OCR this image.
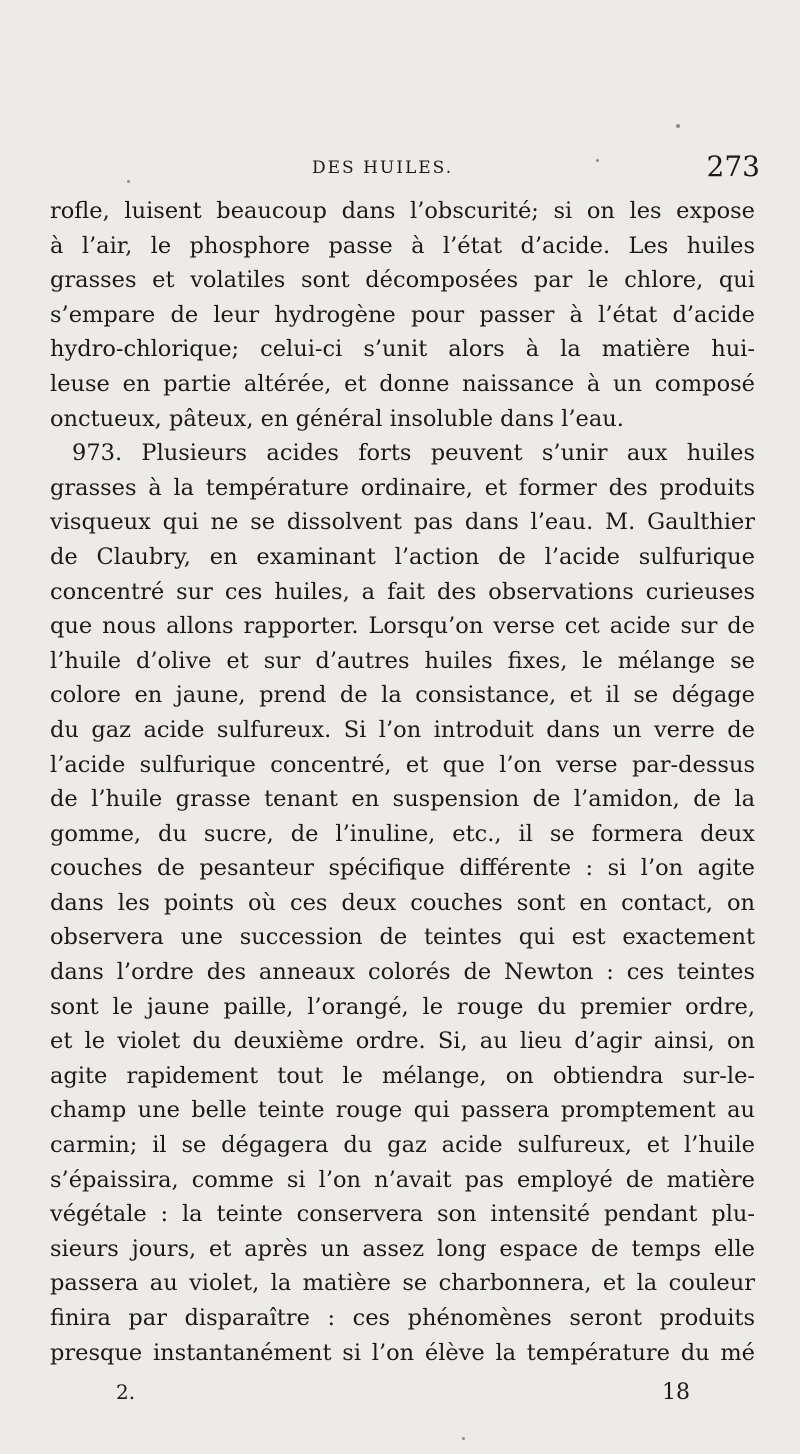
DES HUILES.	273
rofle, luisent beaucoup dans l’obscurité; si on les expose
à l’air, le phosphore passe à l’état d’acide. Les huiles
grasses et volatiles sont décomposées par le chlore, qui
s’empare de leur hydrogène pour passer à l’état d’acide
hydro-chlorique; celui-ci s’unit alors à la matière hui-
leuse en partie altérée, et donne naissance à un composé
onctueux, pâteux, en général insoluble dans l’eau.
973. Plusieurs acides forts peuvent s’unir aux huiles
grasses à la température ordinaire, et former des produits
visqueux qui ne se dissolvent pas dans l’eau. M. Gaulthier
de Claubry, en examinant l’action de l’acide sulfurique
concentré sur ces huiles, a fait des observations curieuses
que nous allons rapporter. Lorsqu’on verse cet acide sur de
l’huile d’olive et sur d’autres huiles fixes, le mélange se
colore en jaune, prend de la consistance, et il se dégage
du gaz acide sulfureux. Si l’on introduit dans un verre de
l’acide sulfurique concentré, et que l’on verse par-dessus
de l’huile grasse tenant en suspension de l’amidon, de la
gomme, du sucre, de l’inuline, etc., il se formera deux
couches de pesanteur spécifique différente : si l’on agite
dans les points où ces deux couches sont en contact, on
observera une succession de teintes qui est exactement
dans l’ordre des anneaux colorés de Newton : ces teintes
sont le jaune paille, l’orangé, le rouge du premier ordre,
et le violet du deuxième ordre. Si, au lieu d’agir ainsi, on
agite rapidement tout le mélange, on obtiendra sur-le-
champ une belle teinte rouge qui passera promptement au
carmin; il se dégagera du gaz acide sulfureux, et l’huile
s’épaissira, comme si l’on n’avait pas employé de matière
végétale : la teinte conservera son intensité pendant plu-
sieurs jours, et après un assez long espace de temps elle
passera au violet, la matière se charbonnera, et la couleur
finira par disparaître : ces phénomènes seront produits
presque instantanément si l’on élève la température du mé
2.	18
